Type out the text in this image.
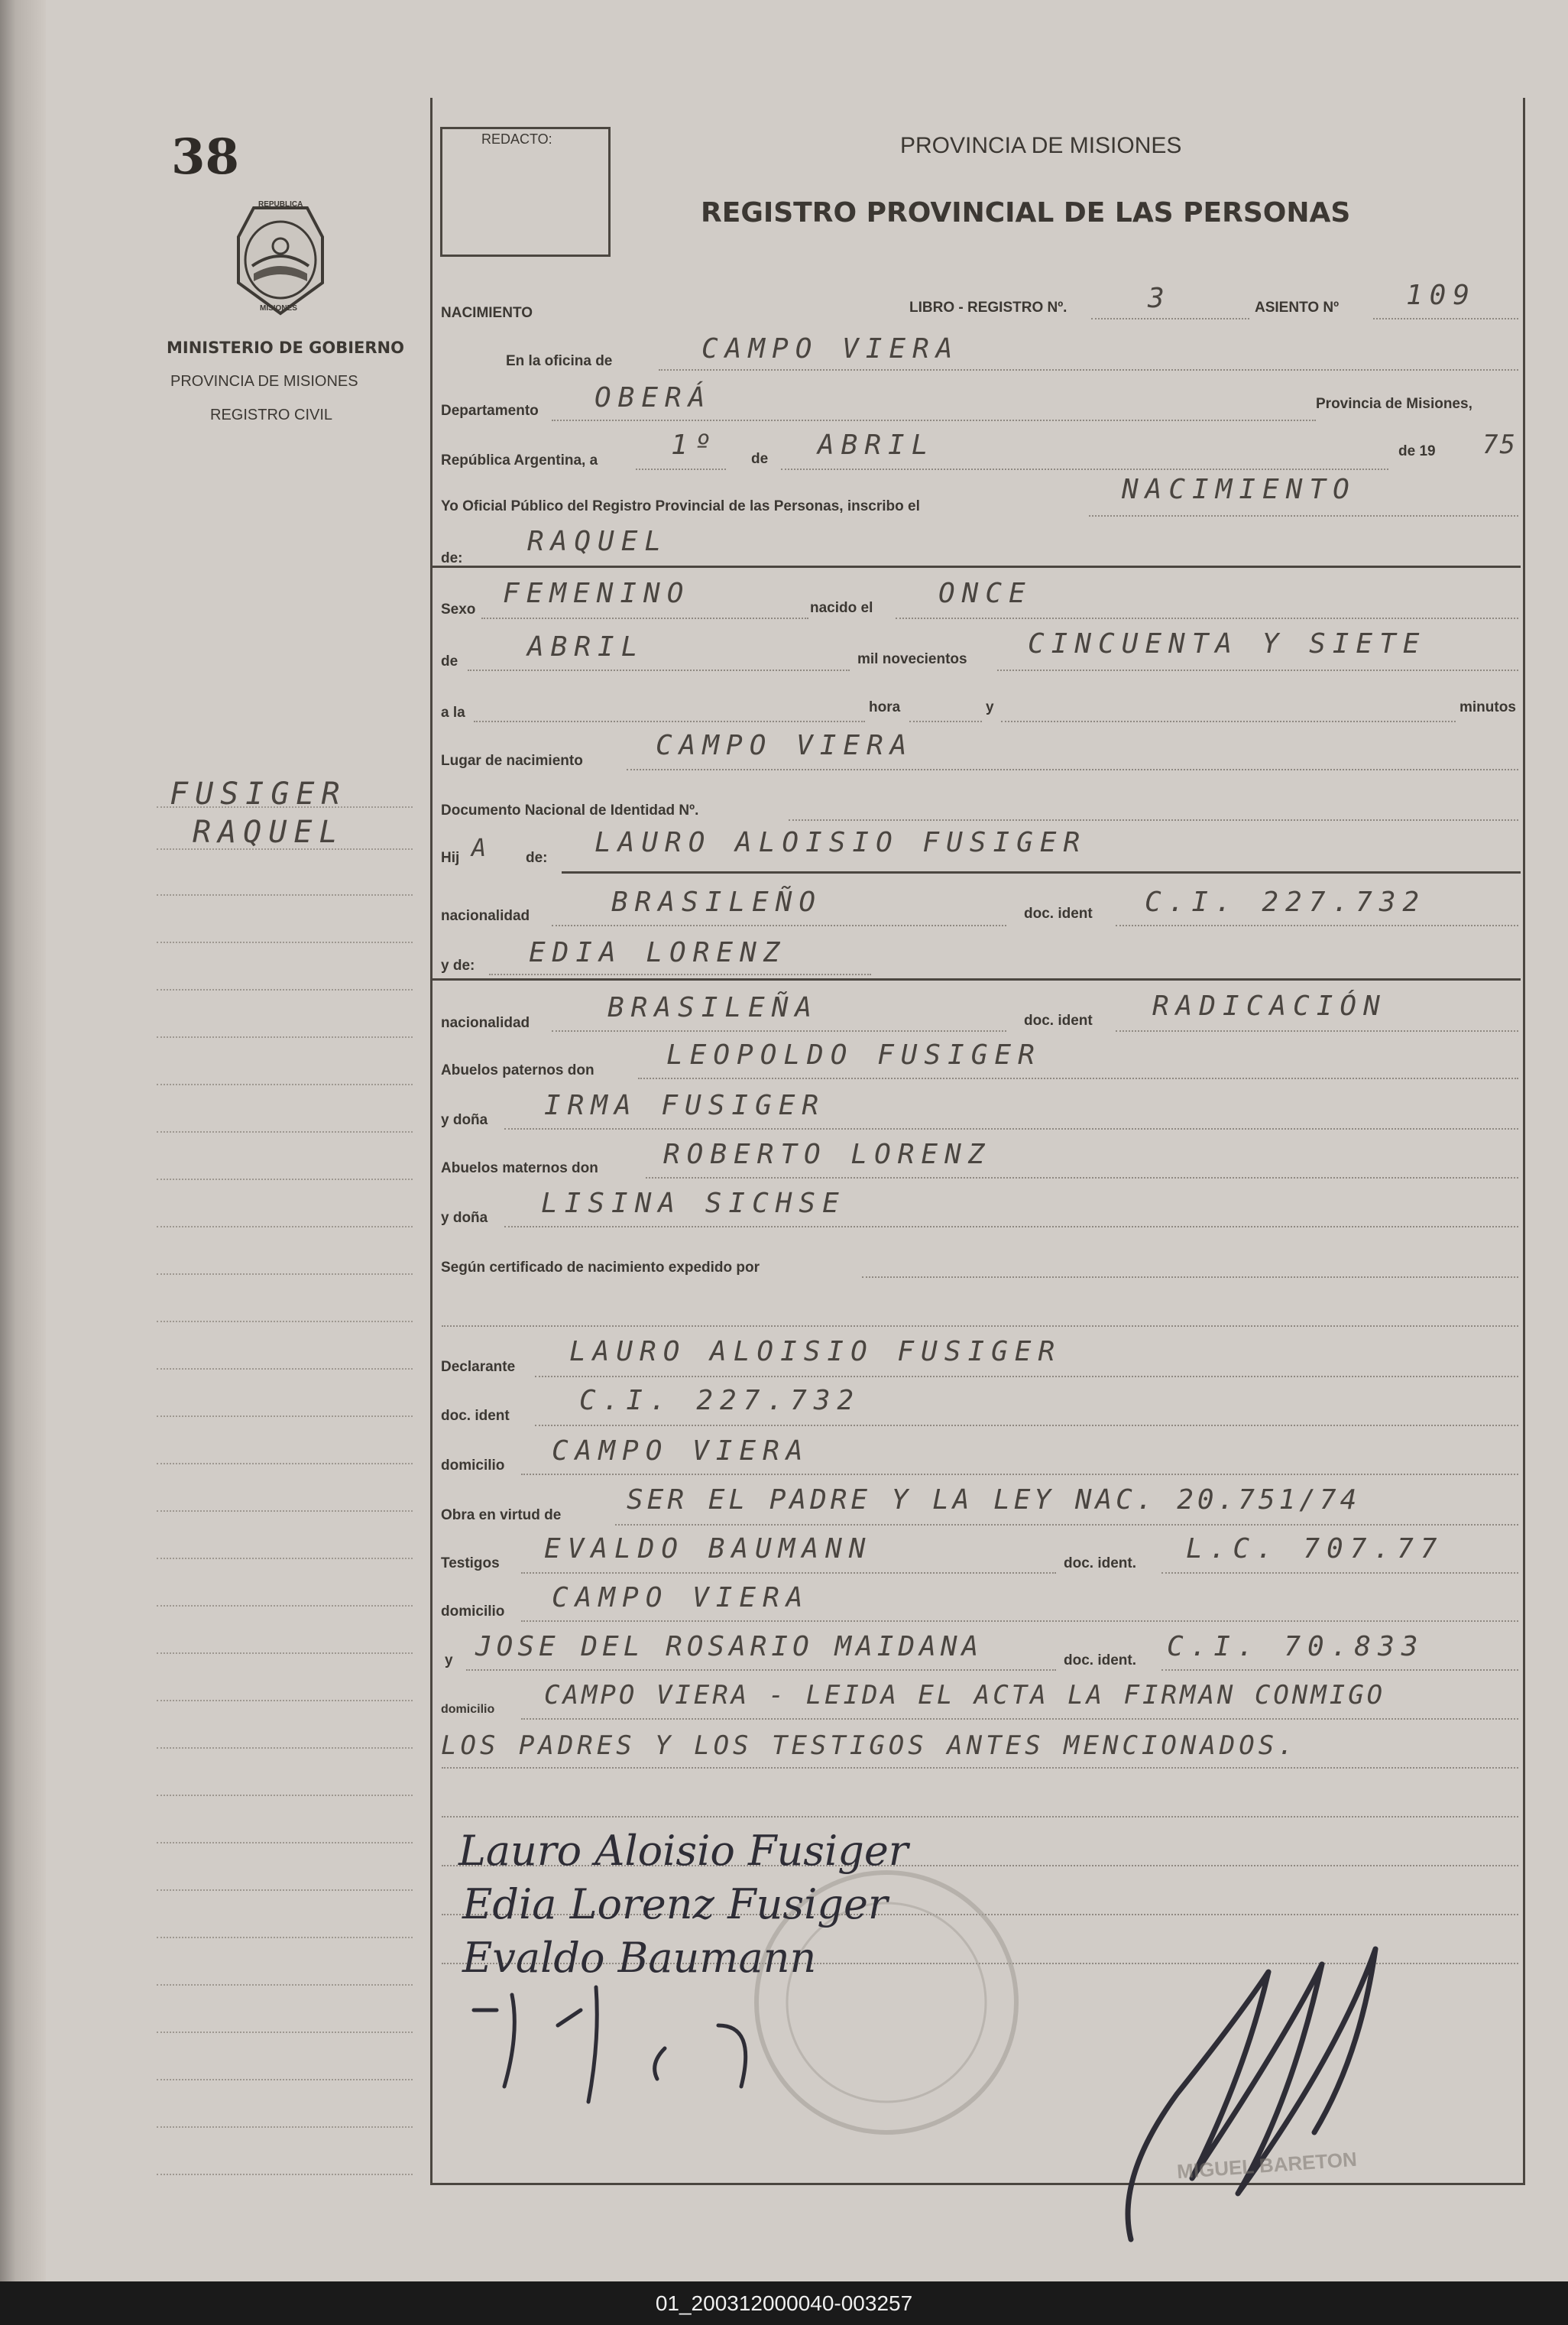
38
REPUBLICA
MISIONES
MINISTERIO DE GOBIERNO
PROVINCIA DE MISIONES
REGISTRO CIVIL
FUSIGER
RAQUEL
REDACTO:	PROVINCIA DE MISIONES
REGISTRO PROVINCIAL DE LAS PERSONAS
NACIMIENTO	LIBRO - REGISTRO Nº.	3	ASIENTO Nº 109
En la oficina de	CAMPO VIERA
Departamento OBERÁ	Provincia de Misiones,
República Argentina, a	1º de ABRIL	de 19 75
Yo Oficial Público del Registro Provincial de las Personas, inscribo el
NACIMIENTO
de:
RAQUEL
Sexo
FEMENINO	nacido el ONCE
de	ABRIL	mil novecientos CINCUENTA Y SIETE
a la	hora	y	minutos
Lugar de nacimiento	CAMPO VIERA
Documento Nacional de Identidad Nº.
Hij A de: LAURO ALOISIO FUSIGER
nacionalidad	BRASILEÑO	doc. ident C.I. 227.732
y de: EDIA LORENZ
nacionalidad	BRASILEÑA	doc. ident RADICACIÓN
Abuelos paternos don	LEOPOLDO FUSIGER
y doña IRMA FUSIGER
Abuelos maternos don ROBERTO LORENZ
y doña LISINA SICHSE
Según certificado de nacimiento expedido por
Declarante LAURO ALOISIO FUSIGER
doc. ident	C.I. 227.732
domicilio CAMPO VIERA
Obra en virtud de SER EL PADRE Y LA LEY NAC. 20.751/74
Testigos EVALDO BAUMANN	doc. ident. L.C. 707.77
domicilio CAMPO VIERA
y JOSE DEL ROSARIO MAIDANA	doc. ident. C.I. 70.833
domicilio CAMPO VIERA - LEIDA EL ACTA LA FIRMAN CONMIGO
LOS PADRES Y LOS TESTIGOS ANTES MENCIONADOS.
Lauro Aloisio Fusiger
Edia Lorenz Fusiger
Evaldo Baumann
MIGUEL BARETON
01_200312000040-003257
